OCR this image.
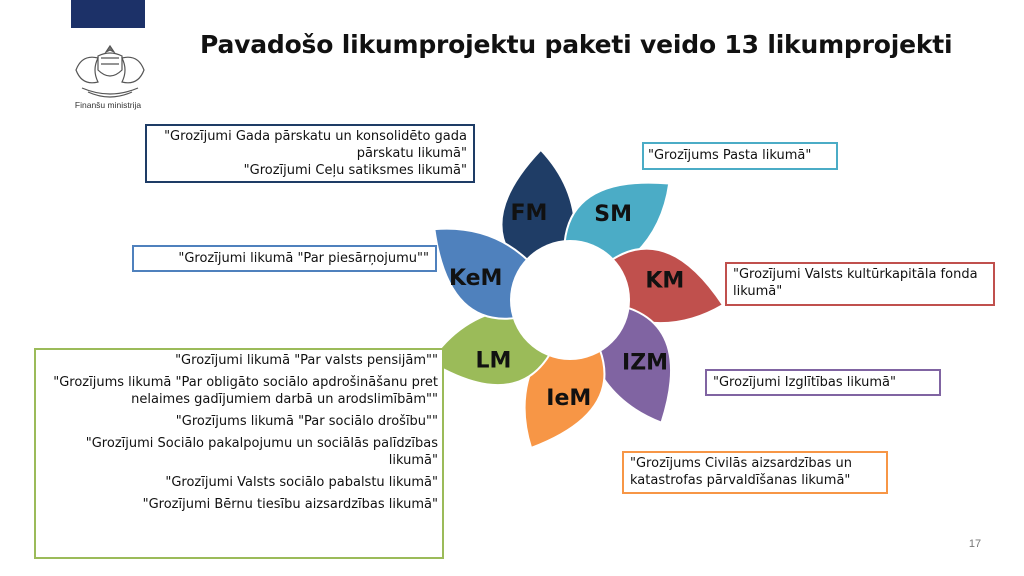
Finanšu ministrija
Pavadošo likumprojektu paketi veido 13 likumprojekti
FM SM
KM
IZM
IeM
LM
KeM
"Grozījumi Gada pārskatu un konsolidēto gada pārskatu likumā"
"Grozījumi Ceļu satiksmes likumā"
"Grozījums Pasta likumā"
"Grozījumi likumā "Par piesārņojumu""
"Grozījumi Valsts kultūrkapitāla fonda likumā"
"Grozījumi Izglītības likumā"
"Grozījums Civilās aizsardzības un katastrofas pārvaldīšanas likumā"
"Grozījumi likumā "Par valsts pensijām""
"Grozījums likumā "Par obligāto sociālo apdrošināšanu pret nelaimes gadījumiem darbā un arodslimībām""
"Grozījums likumā "Par sociālo drošību""
"Grozījumi Sociālo pakalpojumu un sociālās palīdzības likumā"
"Grozījumi Valsts sociālo pabalstu likumā"
"Grozījumi Bērnu tiesību aizsardzības likumā"
17
